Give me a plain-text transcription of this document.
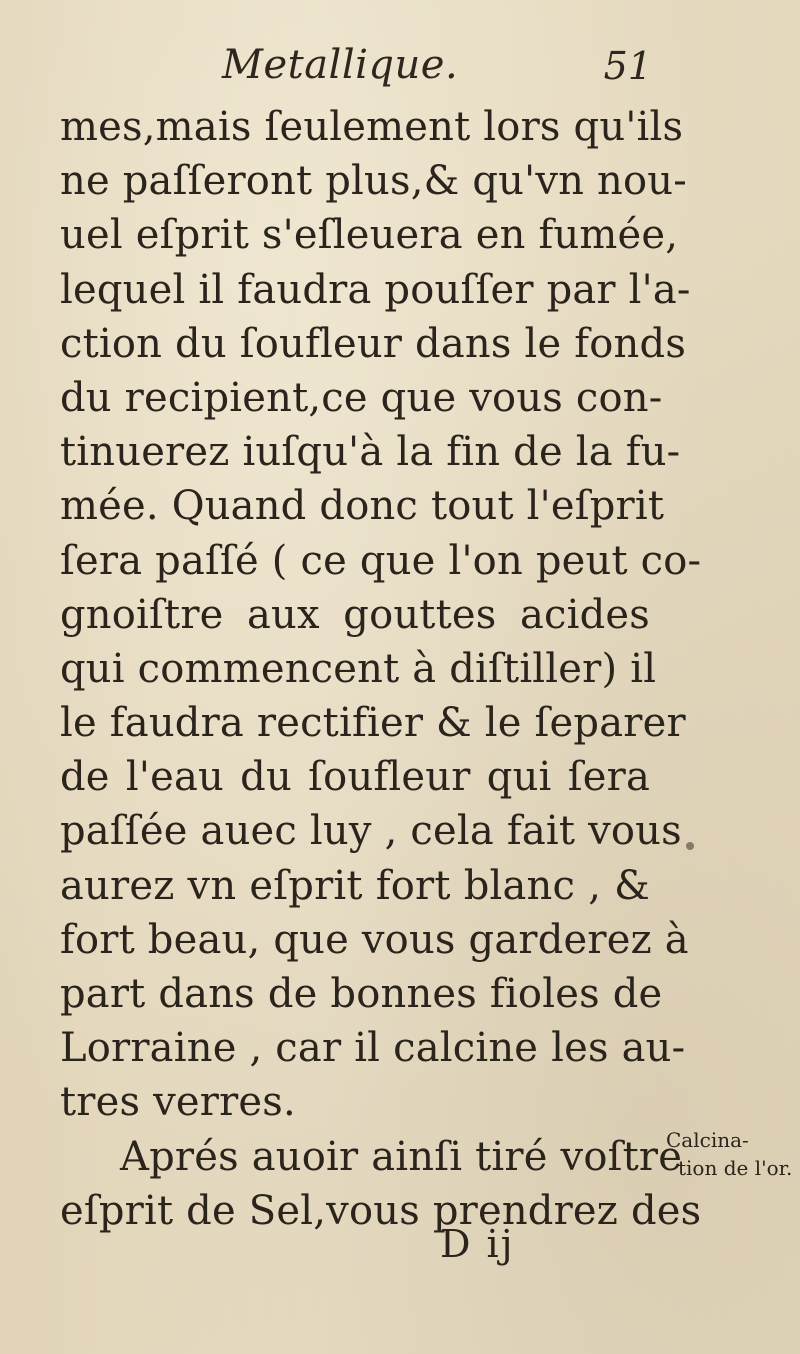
Metallique.	51
mes,mais ſeulement lors qu'ils
ne paſſeront plus,& qu'vn nou-
uel eſprit s'eſleuera en fumée,
lequel il faudra pouſſer par l'a-
ction du ſoufleur dans le fonds
du recipient,ce que vous con-
tinuerez iuſqu'à la fin de la fu-
mée. Quand donc tout l'eſprit
ſera paſſé ( ce que l'on peut co-
gnoiſtre aux gouttes acides
qui commencent à diſtiller) il
le faudra rectifier & le ſeparer
de l'eau du ſoufleur qui ſera
paſſée auec luy , cela fait vous
aurez vn eſprit fort blanc , &
fort beau, que vous garderez à
part dans de bonnes fioles de
Lorraine , car il calcine les au-
tres verres.
Aprés auoir ainſi tiré voſtre
eſprit de Sel,vous prendrez des
Calcina-
tion de l'or.
D ij
